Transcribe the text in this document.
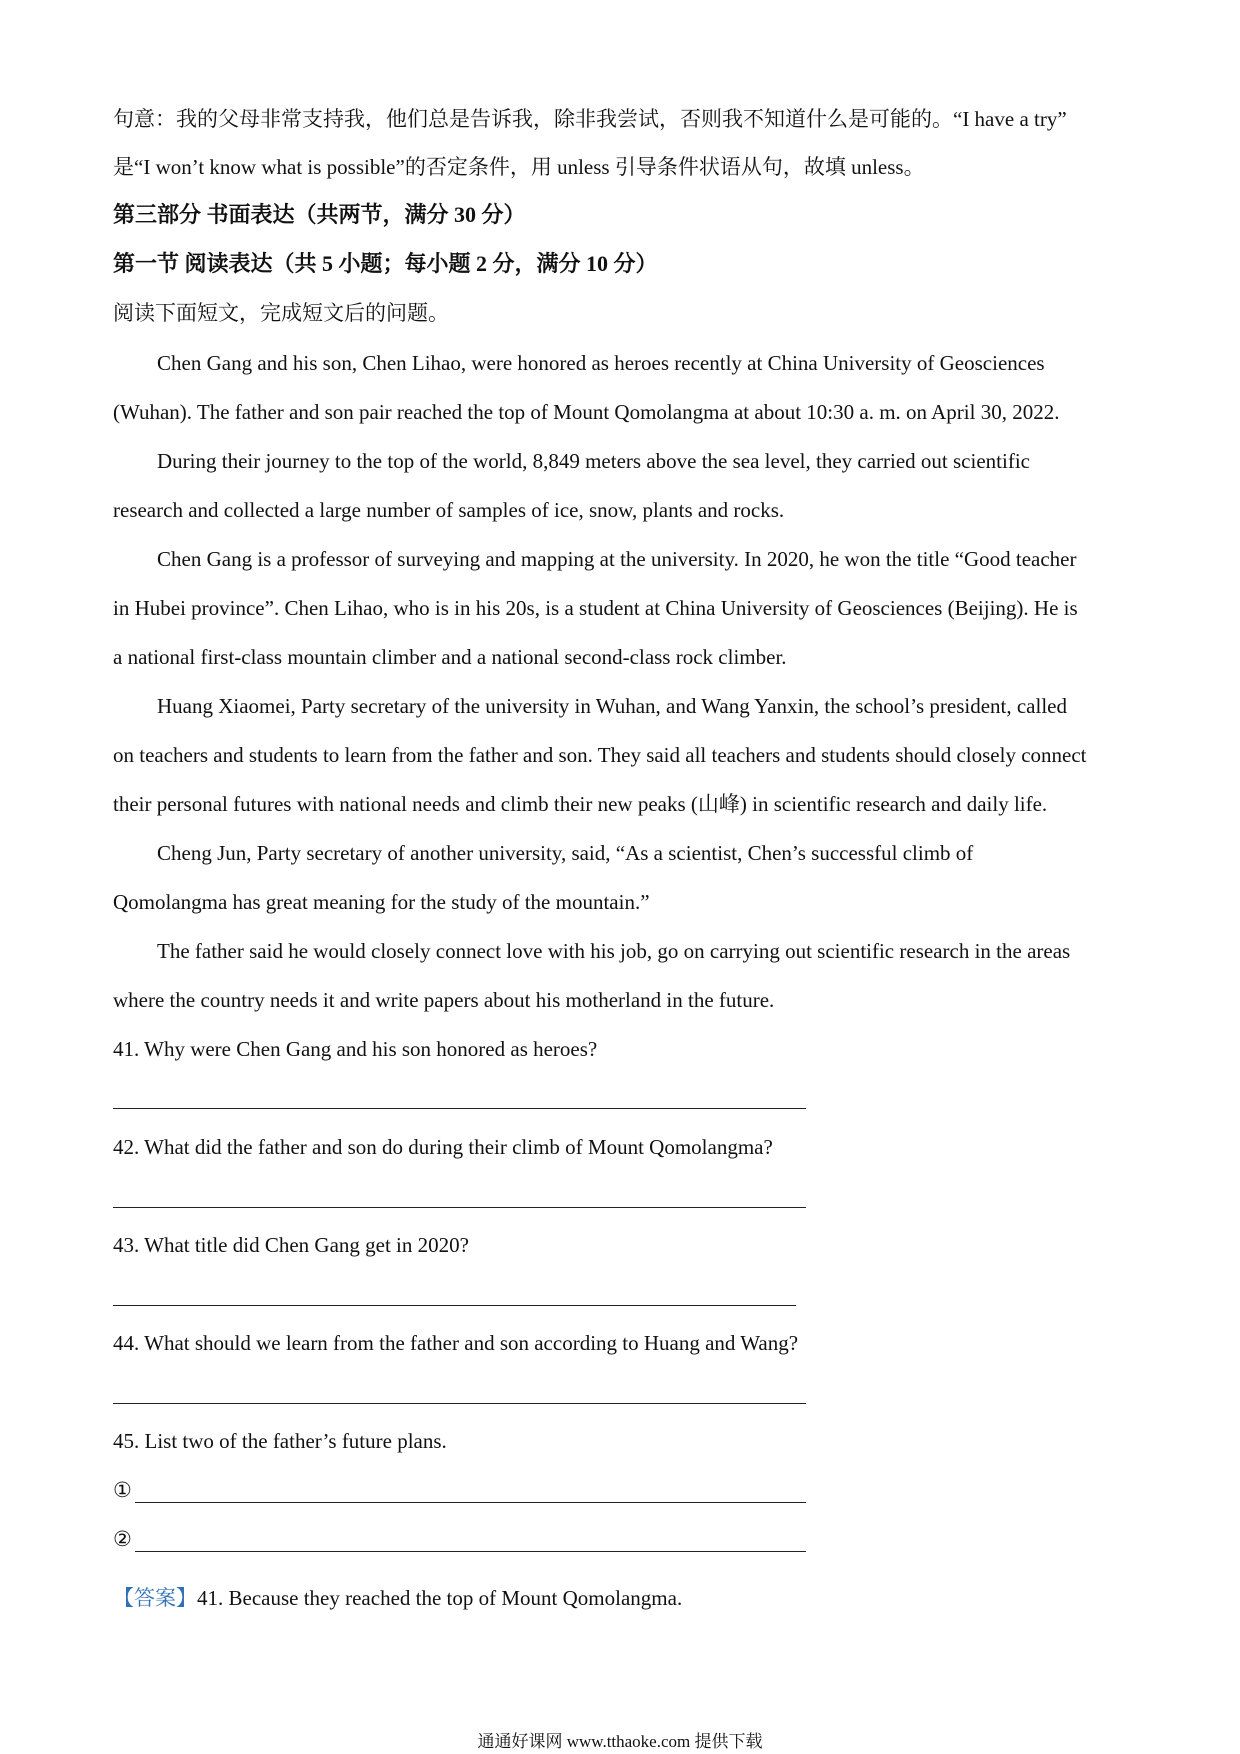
句意：我的父母非常支持我，他们总是告诉我，除非我尝试，否则我不知道什么是可能的。“I have a try”
是“I won’t know what is possible”的否定条件，用 unless 引导条件状语从句，故填 unless。
第三部分 书面表达（共两节，满分 30 分）
第一节 阅读表达（共 5 小题；每小题 2 分，满分 10 分）
阅读下面短文，完成短文后的问题。
Chen Gang and his son, Chen Lihao, were honored as heroes recently at China University of Geosciences
(Wuhan). The father and son pair reached the top of Mount Qomolangma at about 10:30 a. m. on April 30, 2022.
During their journey to the top of the world, 8,849 meters above the sea level, they carried out scientific
research and collected a large number of samples of ice, snow, plants and rocks.
Chen Gang is a professor of surveying and mapping at the university. In 2020, he won the title “Good teacher
in Hubei province”. Chen Lihao, who is in his 20s, is a student at China University of Geosciences (Beijing). He is
a national first-class mountain climber and a national second-class rock climber.
Huang Xiaomei, Party secretary of the university in Wuhan, and Wang Yanxin, the school’s president, called
on teachers and students to learn from the father and son. They said all teachers and students should closely connect
their personal futures with national needs and climb their new peaks (山峰) in scientific research and daily life.
Cheng Jun, Party secretary of another university, said, “As a scientist, Chen’s successful climb of
Qomolangma has great meaning for the study of the mountain.”
The father said he would closely connect love with his job, go on carrying out scientific research in the areas
where the country needs it and write papers about his motherland in the future.
41. Why were Chen Gang and his son honored as heroes?
42. What did the father and son do during their climb of Mount Qomolangma?
43. What title did Chen Gang get in 2020?
44. What should we learn from the father and son according to Huang and Wang?
45. List two of the father’s future plans.
①
②
【答案】41. Because they reached the top of Mount Qomolangma.
通通好课网 www.tthaoke.com 提供下载
